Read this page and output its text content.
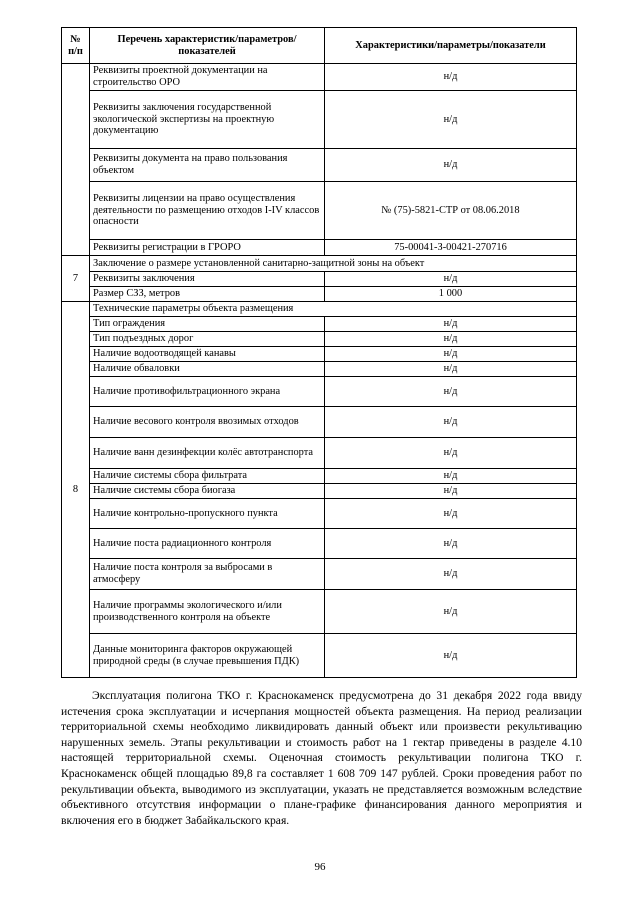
№ п/п	Перечень характеристик/параметров/показателей	Характеристики/параметры/показатели
	Реквизиты проектной документации на строительство ОРО	н/д
	Реквизиты заключения государственной экологической экспертизы на проектную документацию	н/д
	Реквизиты документа на право пользования объектом	н/д
	Реквизиты лицензии на право осуществления деятельности по размещению отходов I-IV классов опасности	№ (75)-5821-СТР от 08.06.2018
	Реквизиты регистрации в ГРОРО	75-00041-З-00421-270716
7	Заключение о размере установленной санитарно-защитной зоны на объект	
	Реквизиты заключения	н/д
	Размер СЗЗ, метров	1 000
8	Технические параметры объекта размещения	
	Тип ограждения	н/д
	Тип подъездных дорог	н/д
	Наличие водоотводящей канавы	н/д
	Наличие обваловки	н/д
	Наличие противофильтрационного экрана	н/д
	Наличие весового контроля ввозимых отходов	н/д
	Наличие ванн дезинфекции колёс автотранспорта	н/д
	Наличие системы сбора фильтрата	н/д
	Наличие системы сбора биогаза	н/д
	Наличие контрольно-пропускного пункта	н/д
	Наличие поста радиационного контроля	н/д
	Наличие поста контроля за выбросами в атмосферу	н/д
	Наличие программы экологического и/или производственного контроля на объекте	н/д
	Данные мониторинга факторов окружающей природной среды (в случае превышения ПДК)	н/д

Эксплуатация полигона ТКО г. Краснокаменск предусмотрена до 31 декабря 2022 года ввиду истечения срока эксплуатации и исчерпания мощностей объекта размещения. На период реализации территориальной схемы необходимо ликвидировать данный объект или произвести рекультивацию нарушенных земель. Этапы рекультивации и стоимость работ на 1 гектар приведены в разделе 4.10 настоящей территориальной схемы. Оценочная стоимость рекультивации полигона ТКО г. Краснокаменск общей площадью 89,8 га составляет 1 608 709 147 рублей. Сроки проведения работ по рекультивации объекта, выводимого из эксплуатации, указать не представляется возможным вследствие объективного отсутствия информации о плане-графике финансирования данного мероприятия и включения его в бюджет Забайкальского края.

96
